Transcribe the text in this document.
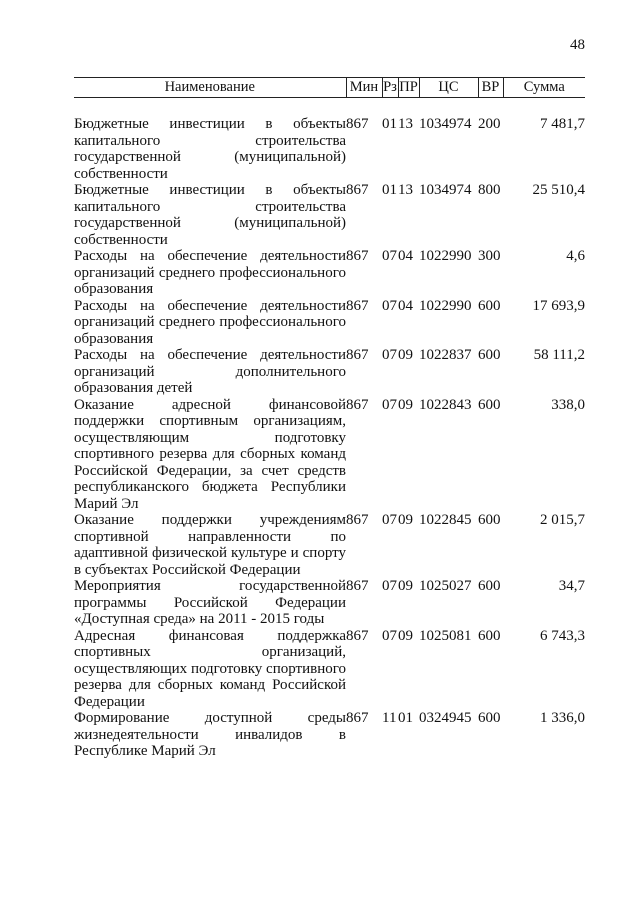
48
Наименование	Мин	Рз	ПР	ЦС	ВР	Сумма

Бюджетные инвестиции в объекты капитального строительства государственной (муниципальной) собственности	867	01	13	1034974	200	7 481,7
Бюджетные инвестиции в объекты капитального строительства государственной (муниципальной) собственности	867	01	13	1034974	800	25 510,4
Расходы на обеспечение деятельности организаций среднего профессионального образования	867	07	04	1022990	300	4,6
Расходы на обеспечение деятельности организаций среднего профессионального образования	867	07	04	1022990	600	17 693,9
Расходы на обеспечение деятельности организаций дополнительного образования детей	867	07	09	1022837	600	58 111,2
Оказание адресной финансовой поддержки спортивным организациям, осуществляющим подготовку спортивного резерва для сборных команд Российской Федерации, за счет средств республиканского бюджета Республики Марий Эл	867	07	09	1022843	600	338,0
Оказание поддержки учреждениям спортивной направленности по адаптивной физической культуре и спорту в субъектах Российской Федерации	867	07	09	1022845	600	2 015,7
Мероприятия государственной программы Российской Федерации «Доступная среда» на 2011 - 2015 годы	867	07	09	1025027	600	34,7
Адресная финансовая поддержка спортивных организаций, осуществляющих подготовку спортивного резерва для сборных команд Российской Федерации	867	07	09	1025081	600	6 743,3
Формирование доступной среды жизнедеятельности инвалидов в Республике Марий Эл	867	11	01	0324945	600	1 336,0
